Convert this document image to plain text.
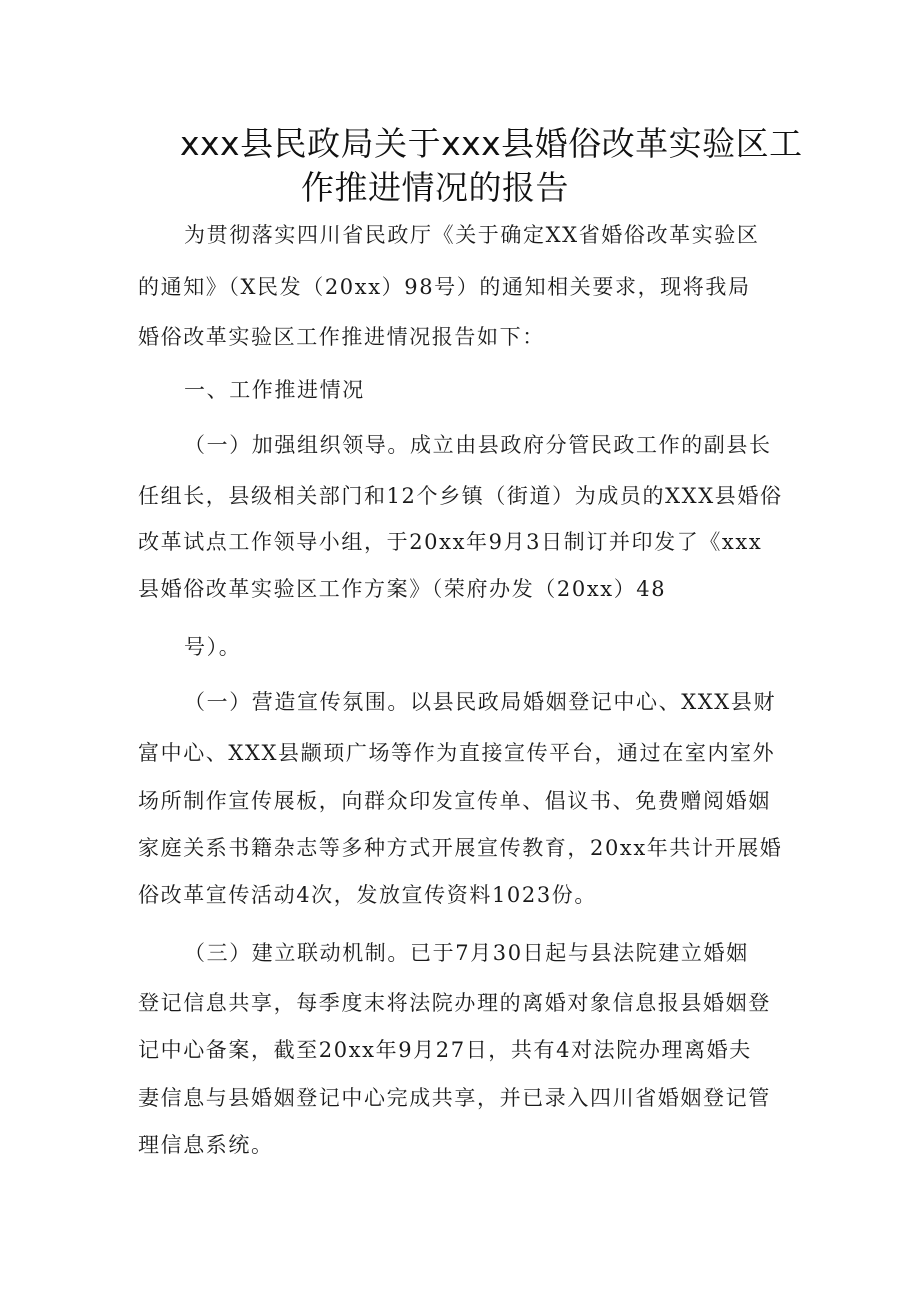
xxx县民政局关于xxx县婚俗改革实验区工
作推进情况的报告

为贯彻落实四川省民政厅《关于确定XX省婚俗改革实验区

的通知》（X民发（20xx）98号）的通知相关要求，现将我局

婚俗改革实验区工作推进情况报告如下：

一、工作推进情况

（一）加强组织领导。成立由县政府分管民政工作的副县长

任组长，县级相关部门和12个乡镇（街道）为成员的XXX县婚俗

改革试点工作领导小组，于20xx年9月3日制订并印发了《xxx

县婚俗改革实验区工作方案》（荣府办发（20xx）48

号）。

（一）营造宣传氛围。以县民政局婚姻登记中心、XXX县财

富中心、XXX县颛顼广场等作为直接宣传平台，通过在室内室外

场所制作宣传展板，向群众印发宣传单、倡议书、免费赠阅婚姻

家庭关系书籍杂志等多种方式开展宣传教育，20xx年共计开展婚

俗改革宣传活动4次，发放宣传资料1023份。

（三）建立联动机制。已于7月30日起与县法院建立婚姻

登记信息共享，每季度末将法院办理的离婚对象信息报县婚姻登

记中心备案，截至20xx年9月27日，共有4对法院办理离婚夫

妻信息与县婚姻登记中心完成共享，并已录入四川省婚姻登记管

理信息系统。
